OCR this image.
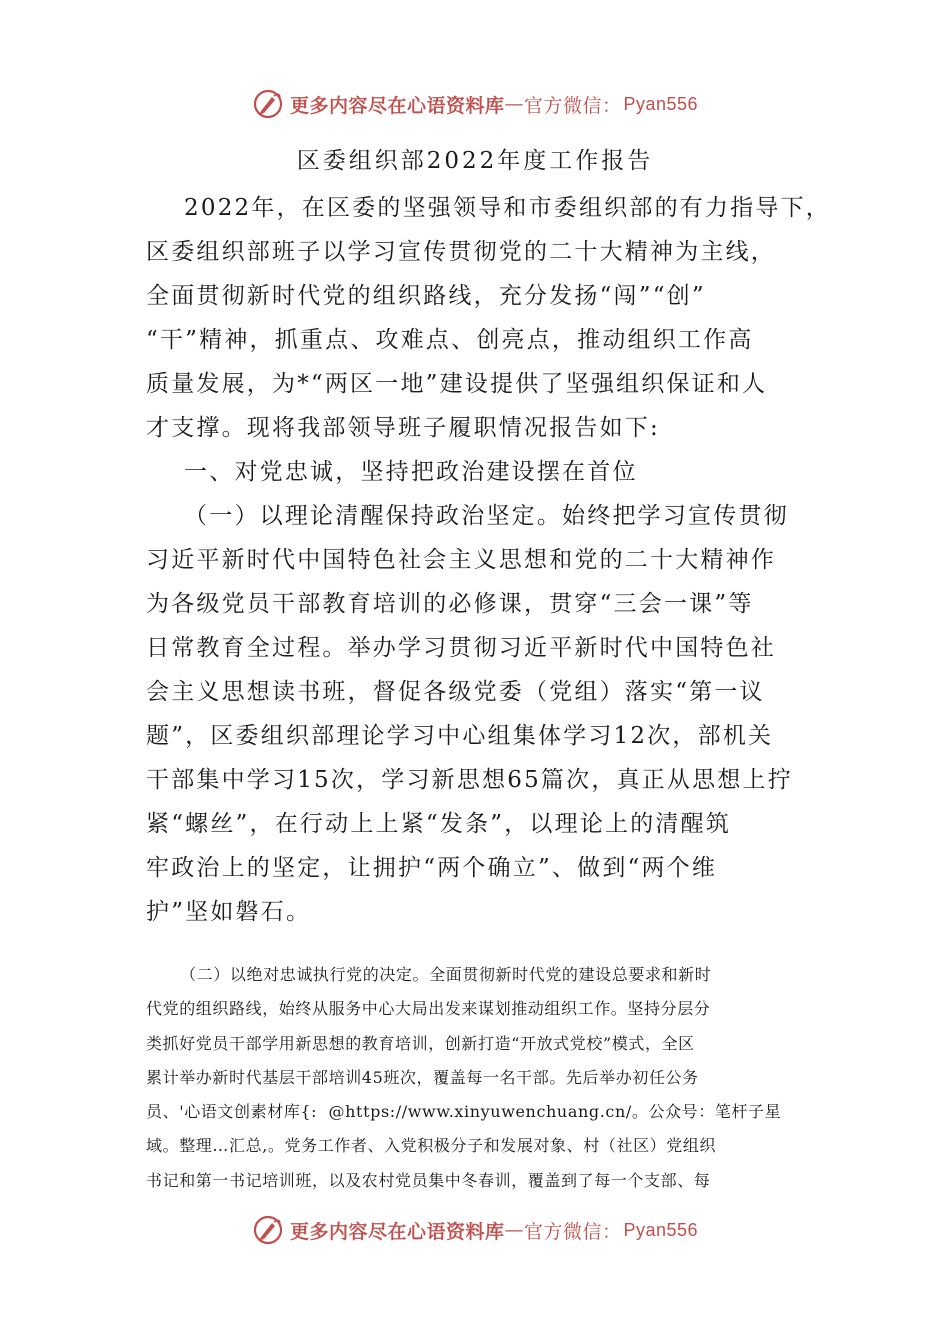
更多内容尽在心语资料库 — 官方微信： Pyan556
区委组织部2022年度工作报告
2022年，在区委的坚强领导和市委组织部的有力指导下，
区委组织部班子以学习宣传贯彻党的二十大精神为主线，
全面贯彻新时代党的组织路线，充分发扬“闯”“创”
“干”精神，抓重点、攻难点、创亮点，推动组织工作高
质量发展，为*“两区一地”建设提供了坚强组织保证和人
才支撑。现将我部领导班子履职情况报告如下:
一、对党忠诚，坚持把政治建设摆在首位
（一）以理论清醒保持政治坚定。始终把学习宣传贯彻
习近平新时代中国特色社会主义思想和党的二十大精神作
为各级党员干部教育培训的必修课，贯穿“三会一课”等
日常教育全过程。举办学习贯彻习近平新时代中国特色社
会主义思想读书班，督促各级党委（党组）落实“第一议
题”，区委组织部理论学习中心组集体学习12次，部机关
干部集中学习15次，学习新思想65篇次，真正从思想上拧
紧“螺丝”，在行动上上紧“发条”，以理论上的清醒筑
牢政治上的坚定，让拥护“两个确立”、做到“两个维
护”坚如磐石。
（二）以绝对忠诚执行党的决定。全面贯彻新时代党的建设总要求和新时
代党的组织路线，始终从服务中心大局出发来谋划推动组织工作。坚持分层分
类抓好党员干部学用新思想的教育培训，创新打造“开放式党校”模式，全区
累计举办新时代基层干部培训45班次，覆盖每一名干部。先后举办初任公务
员、'心语文创素材库{:  @https://www.xinyuwenchuang.cn/。公众号：笔杆子星
域。整理…汇总,。党务工作者、入党积极分子和发展对象、村（社区）党组织
书记和第一书记培训班，以及农村党员集中冬春训，覆盖到了每一个支部、每
更多内容尽在心语资料库 — 官方微信： Pyan556
